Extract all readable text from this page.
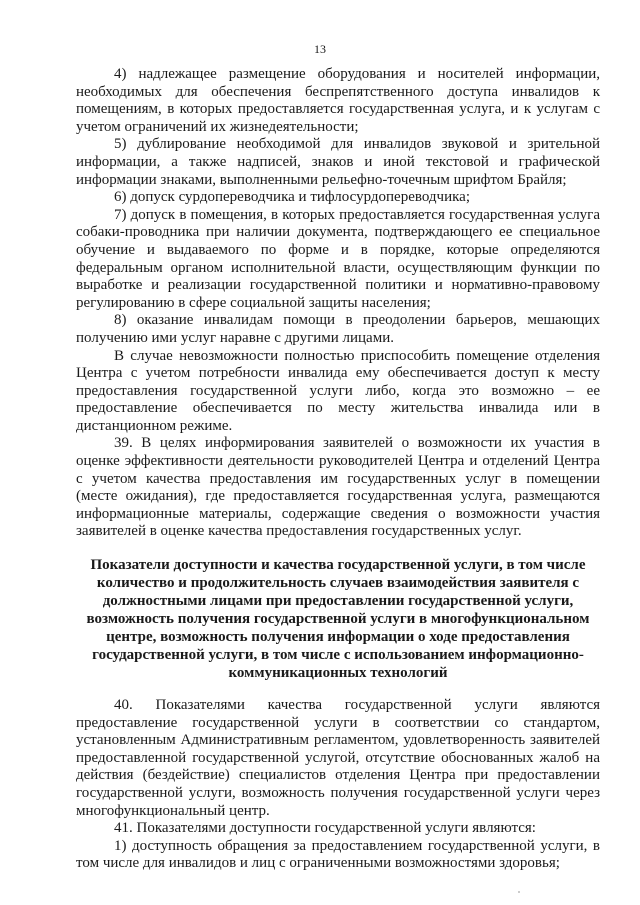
13

4) надлежащее размещение оборудования и носителей информации, необходимых для обеспечения беспрепятственного доступа инвалидов к помещениям, в которых предоставляется государственная услуга, и к услугам с учетом ограничений их жизнедеятельности;

5) дублирование необходимой для инвалидов звуковой и зрительной информации, а также надписей, знаков и иной текстовой и графической информации знаками, выполненными рельефно-точечным шрифтом Брайля;

6) допуск сурдопереводчика и тифлосурдопереводчика;

7) допуск в помещения, в которых предоставляется государственная услуга собаки-проводника при наличии документа, подтверждающего ее специальное обучение и выдаваемого по форме и в порядке, которые определяются федеральным органом исполнительной власти, осуществляющим функции по выработке и реализации государственной политики и нормативно-правовому регулированию в сфере социальной защиты населения;

8) оказание инвалидам помощи в преодолении барьеров, мешающих получению ими услуг наравне с другими лицами.

В случае невозможности полностью приспособить помещение отделения Центра с учетом потребности инвалида ему обеспечивается доступ к месту предоставления государственной услуги либо, когда это возможно – ее предоставление обеспечивается по месту жительства инвалида или в дистанционном режиме.

39. В целях информирования заявителей о возможности их участия в оценке эффективности деятельности руководителей Центра и отделений Центра с учетом качества предоставления им государственных услуг в помещении (месте ожидания), где предоставляется государственная услуга, размещаются информационные материалы, содержащие сведения о возможности участия заявителей в оценке качества предоставления государственных услуг.

Показатели доступности и качества государственной услуги, в том числе количество и продолжительность случаев взаимодействия заявителя с должностными лицами при предоставлении государственной услуги, возможность получения государственной услуги в многофункциональном центре, возможность получения информации о ходе предоставления государственной услуги, в том числе с использованием информационно-коммуникационных технологий

40. Показателями качества государственной услуги являются предоставление государственной услуги в соответствии со стандартом, установленным Административным регламентом, удовлетворенность заявителей предоставленной государственной услугой, отсутствие обоснованных жалоб на действия (бездействие) специалистов отделения Центра при предоставлении государственной услуги, возможность получения государственной услуги через многофункциональный центр.

41. Показателями доступности государственной услуги являются:

1) доступность обращения за предоставлением государственной услуги, в том числе для инвалидов и лиц с ограниченными возможностями здоровья;
